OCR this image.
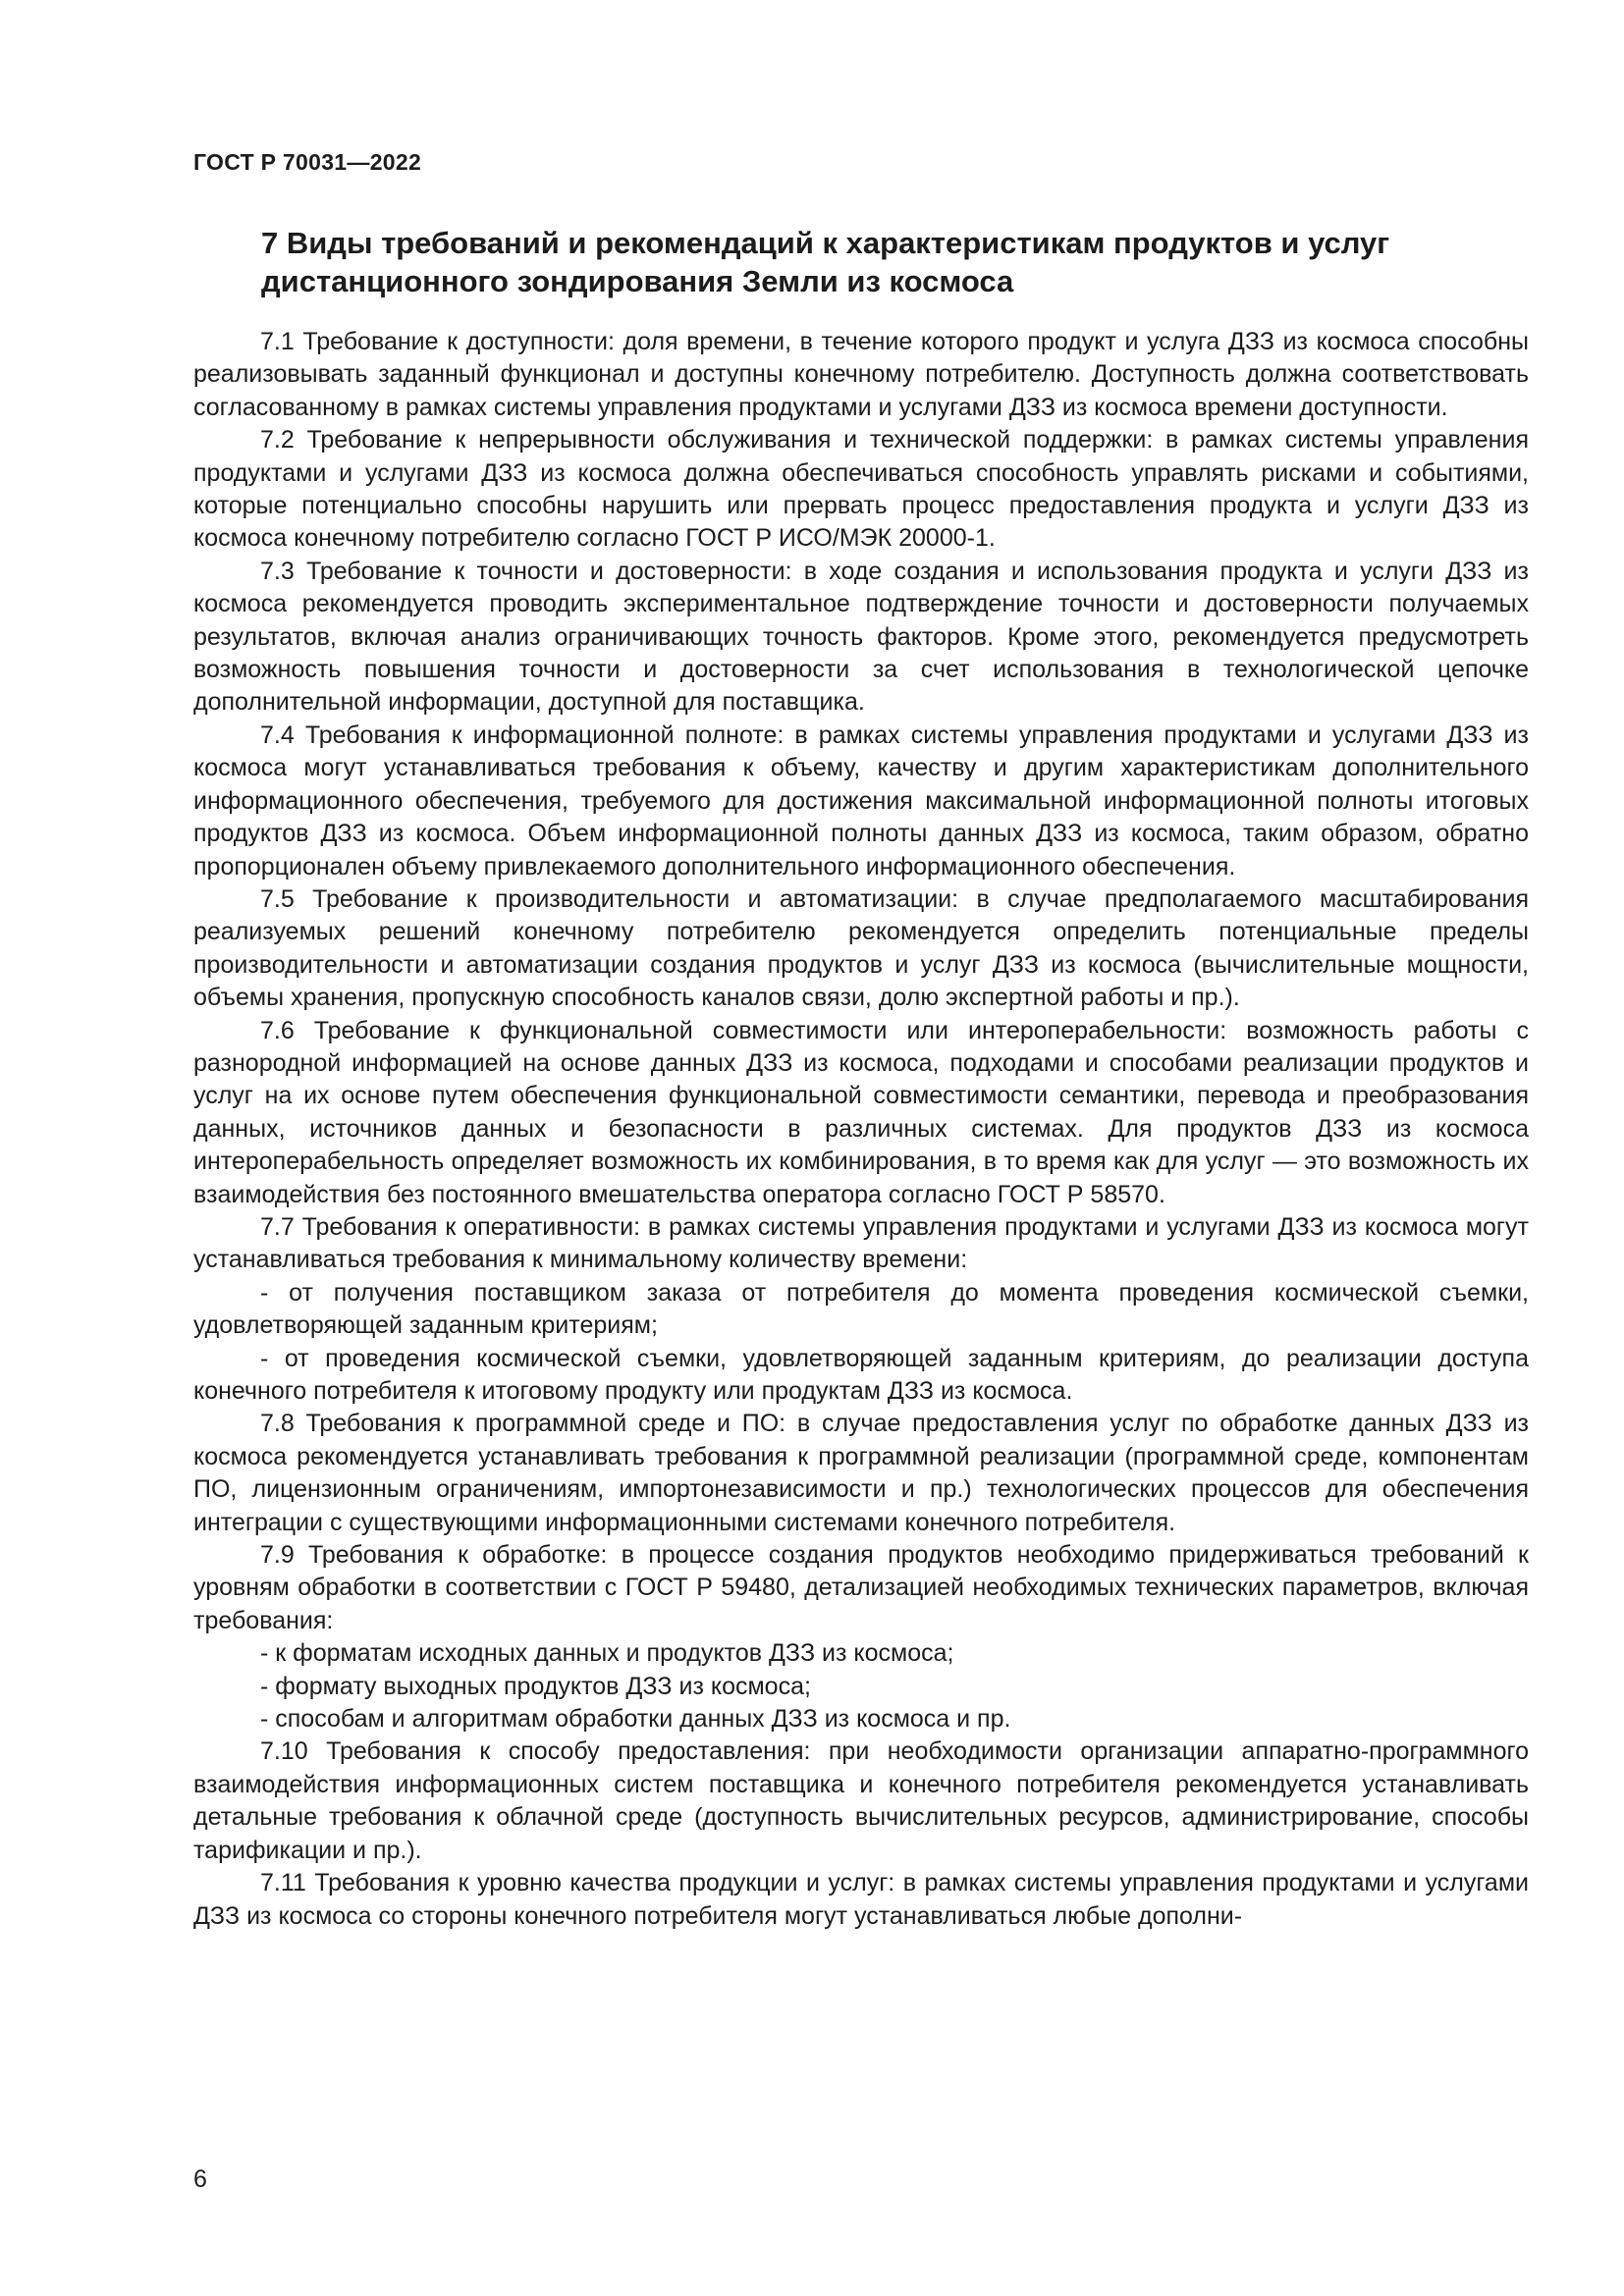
ГОСТ Р 70031—2022
7 Виды требований и рекомендаций к характеристикам продуктов и услуг дистанционного зондирования Земли из космоса

7.1 Требование к доступности: доля времени, в течение которого продукт и услуга ДЗЗ из космоса способны реализовывать заданный функционал и доступны конечному потребителю. Доступность должна соответствовать согласованному в рамках системы управления продуктами и услугами ДЗЗ из космоса времени доступности.

7.2 Требование к непрерывности обслуживания и технической поддержки: в рамках системы управления продуктами и услугами ДЗЗ из космоса должна обеспечиваться способность управлять рисками и событиями, которые потенциально способны нарушить или прервать процесс предоставления продукта и услуги ДЗЗ из космоса конечному потребителю согласно ГОСТ Р ИСО/МЭК 20000-1.

7.3 Требование к точности и достоверности: в ходе создания и использования продукта и услуги ДЗЗ из космоса рекомендуется проводить экспериментальное подтверждение точности и достоверности получаемых результатов, включая анализ ограничивающих точность факторов. Кроме этого, рекомендуется предусмотреть возможность повышения точности и достоверности за счет использования в технологической цепочке дополнительной информации, доступной для поставщика.

7.4 Требования к информационной полноте: в рамках системы управления продуктами и услугами ДЗЗ из космоса могут устанавливаться требования к объему, качеству и другим характеристикам дополнительного информационного обеспечения, требуемого для достижения максимальной информационной полноты итоговых продуктов ДЗЗ из космоса. Объем информационной полноты данных ДЗЗ из космоса, таким образом, обратно пропорционален объему привлекаемого дополнительного информационного обеспечения.

7.5 Требование к производительности и автоматизации: в случае предполагаемого масштабирования реализуемых решений конечному потребителю рекомендуется определить потенциальные пределы производительности и автоматизации создания продуктов и услуг ДЗЗ из космоса (вычислительные мощности, объемы хранения, пропускную способность каналов связи, долю экспертной работы и пр.).

7.6 Требование к функциональной совместимости или интероперабельности: возможность работы с разнородной информацией на основе данных ДЗЗ из космоса, подходами и способами реализации продуктов и услуг на их основе путем обеспечения функциональной совместимости семантики, перевода и преобразования данных, источников данных и безопасности в различных системах. Для продуктов ДЗЗ из космоса интероперабельность определяет возможность их комбинирования, в то время как для услуг — это возможность их взаимодействия без постоянного вмешательства оператора согласно ГОСТ Р 58570.

7.7 Требования к оперативности: в рамках системы управления продуктами и услугами ДЗЗ из космоса могут устанавливаться требования к минимальному количеству времени:

- от получения поставщиком заказа от потребителя до момента проведения космической съемки, удовлетворяющей заданным критериям;

- от проведения космической съемки, удовлетворяющей заданным критериям, до реализации доступа конечного потребителя к итоговому продукту или продуктам ДЗЗ из космоса.

7.8 Требования к программной среде и ПО: в случае предоставления услуг по обработке данных ДЗЗ из космоса рекомендуется устанавливать требования к программной реализации (программной среде, компонентам ПО, лицензионным ограничениям, импортонезависимости и пр.) технологических процессов для обеспечения интеграции с существующими информационными системами конечного потребителя.

7.9 Требования к обработке: в процессе создания продуктов необходимо придерживаться требований к уровням обработки в соответствии с ГОСТ Р 59480, детализацией необходимых технических параметров, включая требования:

- к форматам исходных данных и продуктов ДЗЗ из космоса;

- формату выходных продуктов ДЗЗ из космоса;

- способам и алгоритмам обработки данных ДЗЗ из космоса и пр.

7.10 Требования к способу предоставления: при необходимости организации аппаратно-программного взаимодействия информационных систем поставщика и конечного потребителя рекомендуется устанавливать детальные требования к облачной среде (доступность вычислительных ресурсов, администрирование, способы тарификации и пр.).

7.11 Требования к уровню качества продукции и услуг: в рамках системы управления продуктами и услугами ДЗЗ из космоса со стороны конечного потребителя могут устанавливаться любые дополни-

6
